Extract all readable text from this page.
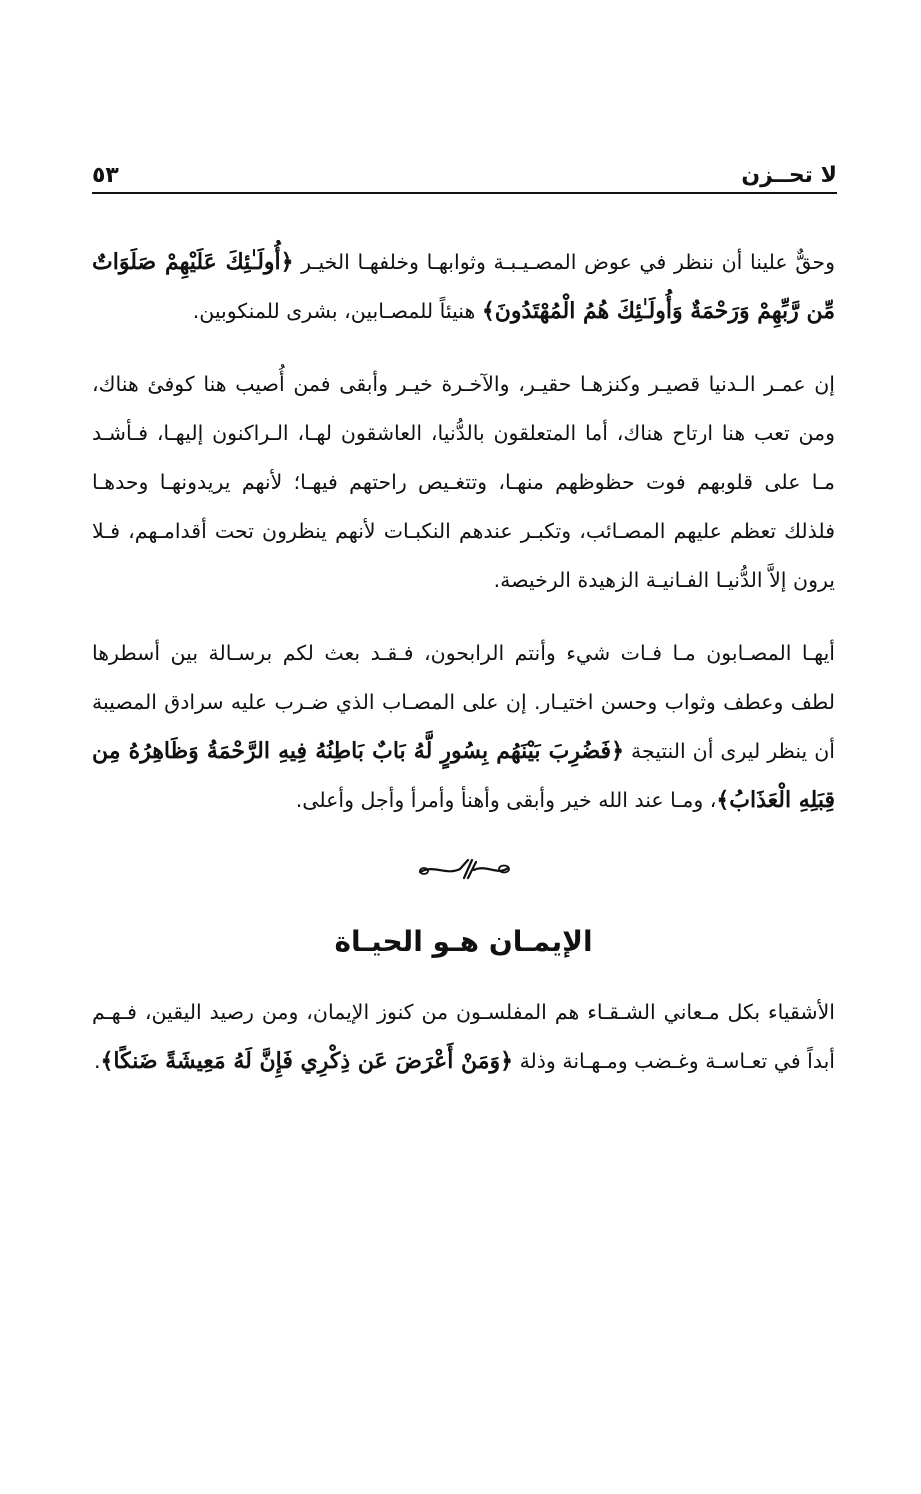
لا تحــزن
٥٣

وحقٌّ علينا أن ننظر في عوض المصـيـبـة وثوابهـا وخلفهـا الخيـر ﴿أُولَـٰئِكَ عَلَيْهِمْ صَلَوَاتٌ مِّن رَّبِّهِمْ وَرَحْمَةٌ وَأُولَـٰئِكَ هُمُ الْمُهْتَدُونَ﴾ هنيئاً للمصـابين، بشرى للمنكوبين.

إن عمـر الـدنيا قصيـر وكنزهـا حقيـر، والآخـرة خيـر وأبقى فمن أُصيب هنا كوفئ هناك، ومن تعب هنا ارتاح هناك، أما المتعلقون بالدُّنيا، العاشقون لهـا، الـراكنون إليهـا، فـأشـد مـا على قلوبهم فوت حظوظهم منهـا، وتتغـيص راحتهم فيهـا؛ لأنهم يريدونهـا وحدهـا فلذلك تعظم عليهم المصـائب، وتكبـر عندهم النكبـات لأنهم ينظرون تحت أقدامـهم، فـلا يرون إلاَّ الدُّنيـا الفـانيـة الزهيدة الرخيصة.

أيهـا المصـابون مـا فـات شيء وأنتم الرابحون، فـقـد بعث لكم برسـالة بين أسطرها لطف وعطف وثواب وحسن اختيـار. إن على المصـاب الذي ضـرب عليه سرادق المصيبة أن ينظر ليرى أن النتيجة ﴿فَضُرِبَ بَيْنَهُم بِسُورٍ لَّهُ بَابٌ بَاطِنُهُ فِيهِ الرَّحْمَةُ وَظَاهِرُهُ مِن قِبَلِهِ الْعَذَابُ﴾، ومـا عند الله خير وأبقى وأهنأ وأمرأ وأجل وأعلى.

الإيمـان هـو الحيـاة

الأشقياء بكل مـعاني الشـقـاء هم المفلسـون من كنوز الإيمان، ومن رصيد اليقين، فـهـم أبداً في تعـاسـة وغـضب ومـهـانة وذلة ﴿وَمَنْ أَعْرَضَ عَن ذِكْرِي فَإِنَّ لَهُ مَعِيشَةً ضَنكًا﴾.
